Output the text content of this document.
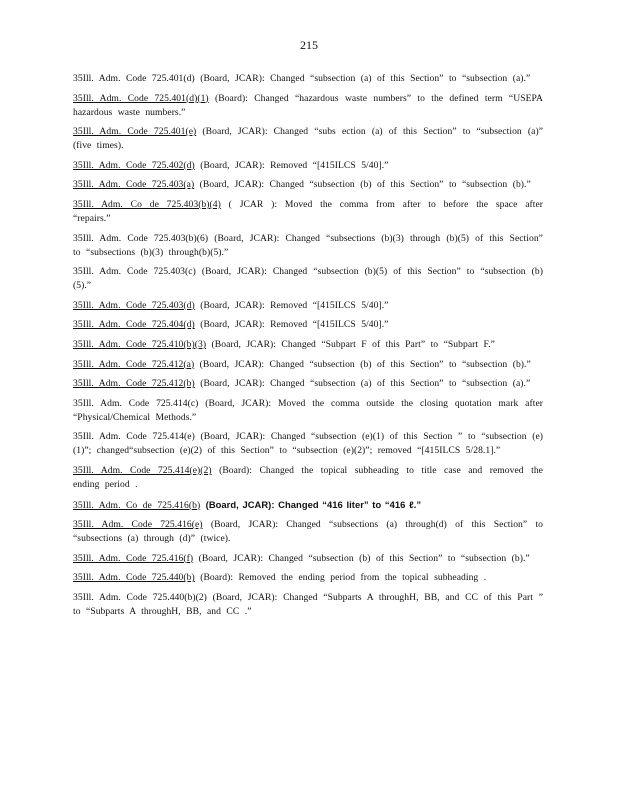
215
35Ill. Adm. Code 725.401(d) (Board, JCAR): Changed “subsection (a) of this Section” to “subsection (a).”
35Ill. Adm. Code 725.401(d)(1) (Board): Changed “hazardous waste numbers” to the defined term “USEPA hazardous waste numbers.”
35Ill. Adm. Code 725.401(e) (Board, JCAR): Changed “subs ection (a) of this Section” to “subsection (a)” (five times).
35Ill. Adm. Code 725.402(d) (Board, JCAR): Removed “[415ILCS 5/40].”
35Ill. Adm. Code 725.403(a) (Board, JCAR): Changed “subsection (b) of this Section” to “subsection (b).”
35Ill. Adm. Co de 725.403(b)(4) ( JCAR ): Moved the comma from after to before the space after “repairs.”
35Ill. Adm. Code 725.403(b)(6) (Board, JCAR): Changed “subsections (b)(3) through (b)(5) of this Section” to “subsections (b)(3) through(b)(5).”
35Ill. Adm. Code 725.403(c) (Board, JCAR): Changed “subsection (b)(5) of this Section” to “subsection (b)(5).”
35Ill. Adm. Code 725.403(d) (Board, JCAR): Removed “[415ILCS 5/40].”
35Ill. Adm. Code 725.404(d) (Board, JCAR): Removed “[415ILCS 5/40].”
35Ill. Adm. Code 725.410(b)(3) (Board, JCAR): Changed “Subpart F of this Part” to “Subpart F.”
35Ill. Adm. Code 725.412(a) (Board, JCAR): Changed “subsection (b) of this Section” to “subsection (b).”
35Ill. Adm. Code 725.412(b) (Board, JCAR): Changed “subsection (a) of this Section” to “subsection (a).”
35Ill. Adm. Code 725.414(c) (Board, JCAR): Moved the comma outside the closing quotation mark after “Physical/Chemical Methods.”
35Ill. Adm. Code 725.414(e) (Board, JCAR): Changed “subsection (e)(1) of this Section ” to “subsection (e)(1)”; changed“subsection (e)(2) of this Section” to “subsection (e)(2)”; removed “[415ILCS 5/28.1].”
35Ill. Adm. Code 725.414(e)(2) (Board): Changed the topical subheading to title case and removed the ending period .
35Ill. Adm. Co de 725.416(b) (Board, JCAR): Changed “416 liter” to “416 ℓ.”
35Ill. Adm. Code 725.416(e) (Board, JCAR): Changed “subsections (a) through(d) of this Section” to “subsections (a) through (d)” (twice).
35Ill. Adm. Code 725.416(f) (Board, JCAR): Changed “subsection (b) of this Section” to “subsection (b).”
35Ill. Adm. Code 725.440(b) (Board): Removed the ending period from the topical subheading .
35Ill. Adm. Code 725.440(b)(2) (Board, JCAR): Changed “Subparts A throughH, BB, and CC of this Part ” to “Subparts A throughH, BB, and CC .”
